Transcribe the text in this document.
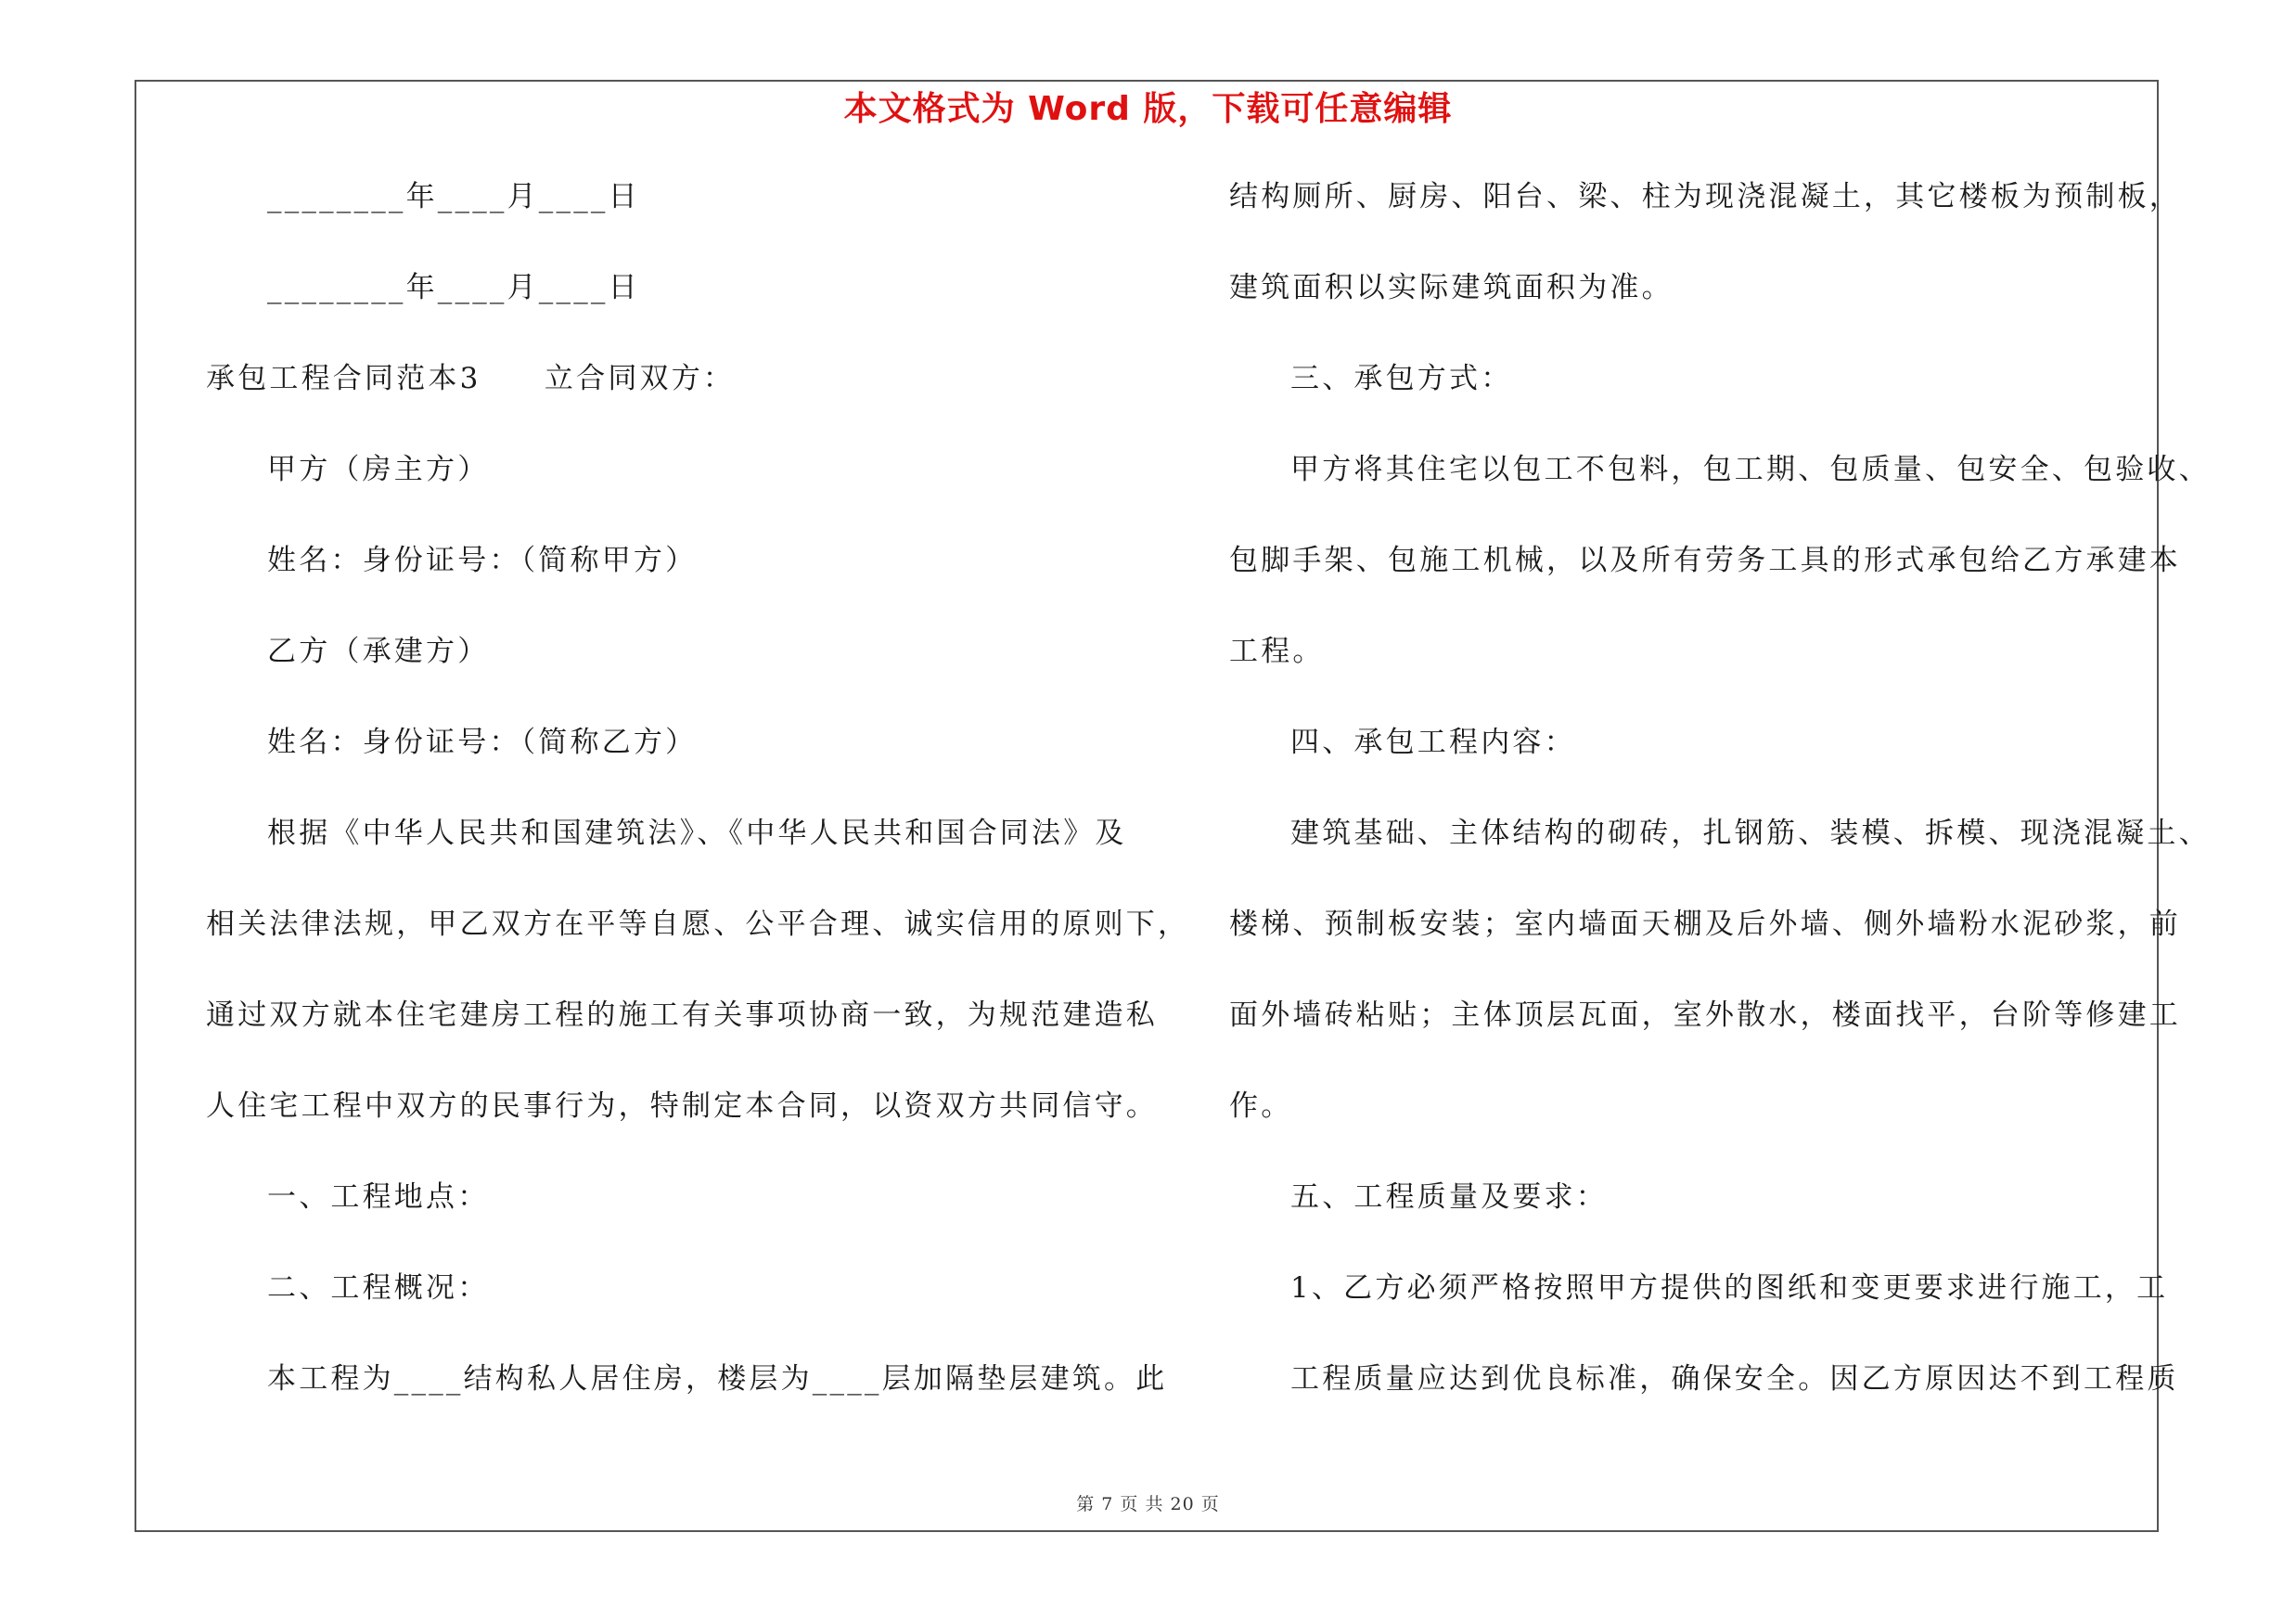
本文格式为 Word 版，下载可任意编辑
________年____月____日
________年____月____日
承包工程合同范本3　　立合同双方：
甲方（房主方）
姓名：身份证号：（简称甲方）
乙方（承建方）
姓名：身份证号：（简称乙方）
根据《中华人民共和国建筑法》、《中华人民共和国合同法》及
相关法律法规，甲乙双方在平等自愿、公平合理、诚实信用的原则下，
通过双方就本住宅建房工程的施工有关事项协商一致，为规范建造私
人住宅工程中双方的民事行为，特制定本合同，以资双方共同信守。
一、工程地点：
二、工程概况：
本工程为____结构私人居住房，楼层为____层加隔垫层建筑。此
结构厕所、厨房、阳台、梁、柱为现浇混凝土，其它楼板为预制板，
建筑面积以实际建筑面积为准。
三、承包方式：
甲方将其住宅以包工不包料，包工期、包质量、包安全、包验收、
包脚手架、包施工机械，以及所有劳务工具的形式承包给乙方承建本
工程。
四、承包工程内容：
建筑基础、主体结构的砌砖，扎钢筋、装模、拆模、现浇混凝土、
楼梯、预制板安装；室内墙面天棚及后外墙、侧外墙粉水泥砂浆，前
面外墙砖粘贴；主体顶层瓦面，室外散水，楼面找平，台阶等修建工
作。
五、工程质量及要求：
1、乙方必须严格按照甲方提供的图纸和变更要求进行施工，工
工程质量应达到优良标准，确保安全。因乙方原因达不到工程质
第 7 页 共 20 页
